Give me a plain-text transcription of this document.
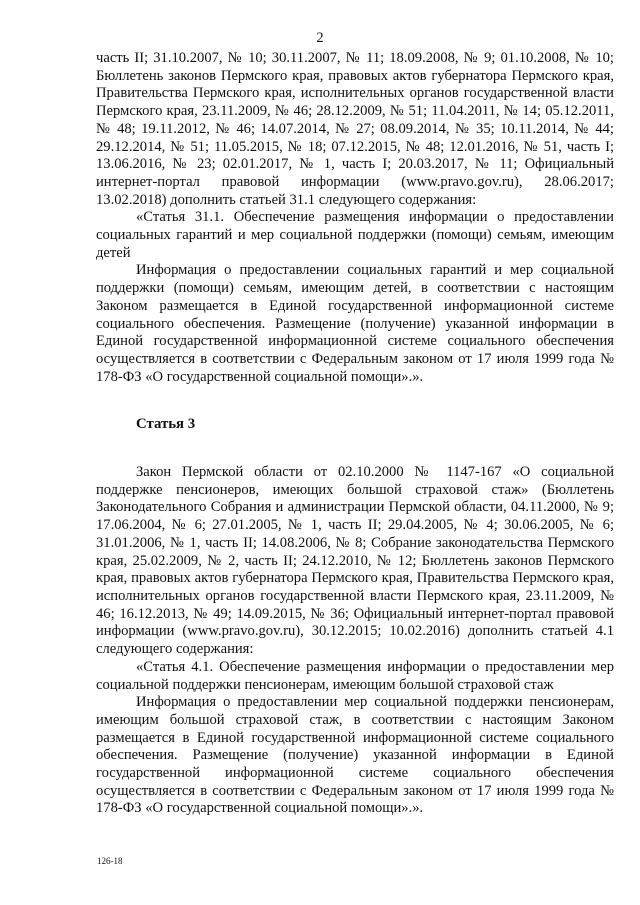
2

часть II; 31.10.2007, № 10; 30.11.2007, № 11; 18.09.2008, № 9; 01.10.2008, № 10; Бюллетень законов Пермского края, правовых актов губернатора Пермского края, Правительства Пермского края, исполнительных органов государственной власти Пермского края, 23.11.2009, № 46; 28.12.2009, № 51; 11.04.2011, № 14; 05.12.2011, № 48; 19.11.2012, № 46; 14.07.2014, № 27; 08.09.2014, № 35; 10.11.2014, № 44; 29.12.2014, № 51; 11.05.2015, № 18; 07.12.2015, № 48; 12.01.2016, № 51, часть I; 13.06.2016, № 23; 02.01.2017, № 1, часть I; 20.03.2017, № 11; Официальный интернет-портал правовой информации (www.pravo.gov.ru), 28.06.2017; 13.02.2018) дополнить статьей 31.1 следующего содержания:

«Статья 31.1. Обеспечение размещения информации о предоставлении социальных гарантий и мер социальной поддержки (помощи) семьям, имеющим детей

Информация о предоставлении социальных гарантий и мер социальной поддержки (помощи) семьям, имеющим детей, в соответствии с настоящим Законом размещается в Единой государственной информационной системе социального обеспечения. Размещение (получение) указанной информации в Единой государственной информационной системе социального обеспечения осуществляется в соответствии с Федеральным законом от 17 июля 1999 года № 178-ФЗ «О государственной социальной помощи».».

Статья 3

Закон Пермской области от 02.10.2000 № 1147-167 «О социальной поддержке пенсионеров, имеющих большой страховой стаж» (Бюллетень Законодательного Собрания и администрации Пермской области, 04.11.2000, № 9; 17.06.2004, № 6; 27.01.2005, № 1, часть II; 29.04.2005, № 4; 30.06.2005, № 6; 31.01.2006, № 1, часть II; 14.08.2006, № 8; Собрание законодательства Пермского края, 25.02.2009, № 2, часть II; 24.12.2010, № 12; Бюллетень законов Пермского края, правовых актов губернатора Пермского края, Правительства Пермского края, исполнительных органов государственной власти Пермского края, 23.11.2009, № 46; 16.12.2013, № 49; 14.09.2015, № 36; Официальный интернет-портал правовой информации (www.pravo.gov.ru), 30.12.2015; 10.02.2016) дополнить статьей 4.1 следующего содержания:

«Статья 4.1. Обеспечение размещения информации о предоставлении мер социальной поддержки пенсионерам, имеющим большой страховой стаж

Информация о предоставлении мер социальной поддержки пенсионерам, имеющим большой страховой стаж, в соответствии с настоящим Законом размещается в Единой государственной информационной системе социального обеспечения. Размещение (получение) указанной информации в Единой государственной информационной системе социального обеспечения осуществляется в соответствии с Федеральным законом от 17 июля 1999 года № 178-ФЗ «О государственной социальной помощи».».

126-18
